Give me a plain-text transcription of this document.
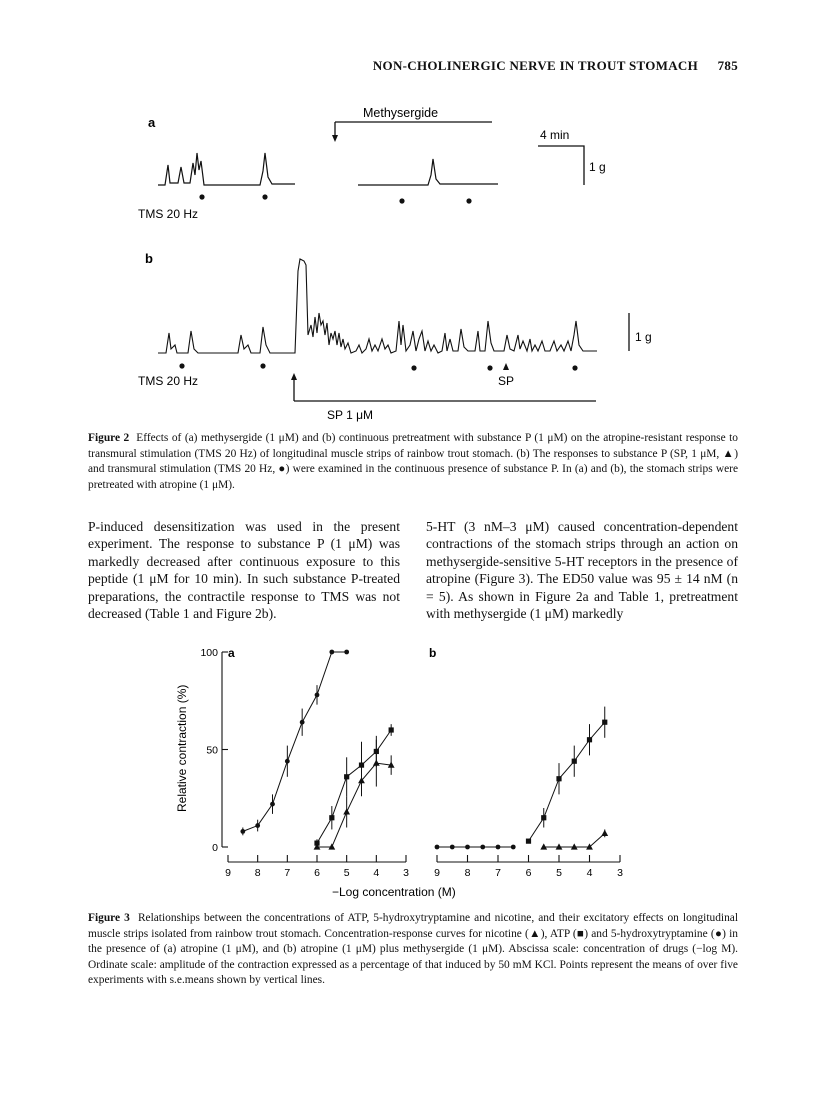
NON-CHOLINERGIC NERVE IN TROUT STOMACH 785
a
Methysergide
4 min
1 g
TMS 20 Hz
b
1 g
SP
TMS 20 Hz
SP 1 μM
Figure 2 Effects of (a) methysergide (1 μM) and (b) continuous pretreatment with substance P (1 μM) on the atropine-resistant response to transmural stimulation (TMS 20 Hz) of longitudinal muscle strips of rainbow trout stomach. (b) The responses to substance P (SP, 1 μM, ▲) and transmural stimulation (TMS 20 Hz, ●) were examined in the continuous presence of substance P. In (a) and (b), the stomach strips were pretreated with atropine (1 μM).
P-induced desensitization was used in the present experiment. The response to substance P (1 μM) was markedly decreased after continuous exposure to this peptide (1 μM for 10 min). In such substance P-treated preparations, the contractile response to TMS was not decreased (Table 1 and Figure 2b).
5-HT (3 nM–3 μM) caused concentration-dependent contractions of the stomach strips through an action on methysergide-sensitive 5-HT receptors in the presence of atropine (Figure 3). The ED50 value was 95 ± 14 nM (n = 5). As shown in Figure 2a and Table 1, pretreatment with methysergide (1 μM) markedly
Relative contraction (%)
−Log concentration (M)
a	b
9 8 7 6 5 4 3
0
50
100
9 8 7 6 5 4 3
Figure 3 Relationships between the concentrations of ATP, 5-hydroxytryptamine and nicotine, and their excitatory effects on longitudinal muscle strips isolated from rainbow trout stomach. Concentration-response curves for nicotine (▲), ATP (■) and 5-hydroxytryptamine (●) in the presence of (a) atropine (1 μM), and (b) atropine (1 μM) plus methysergide (1 μM). Abscissa scale: concentration of drugs (−log M). Ordinate scale: amplitude of the contraction expressed as a percentage of that induced by 50 mM KCl. Points represent the means of over five experiments with s.e.means shown by vertical lines.
